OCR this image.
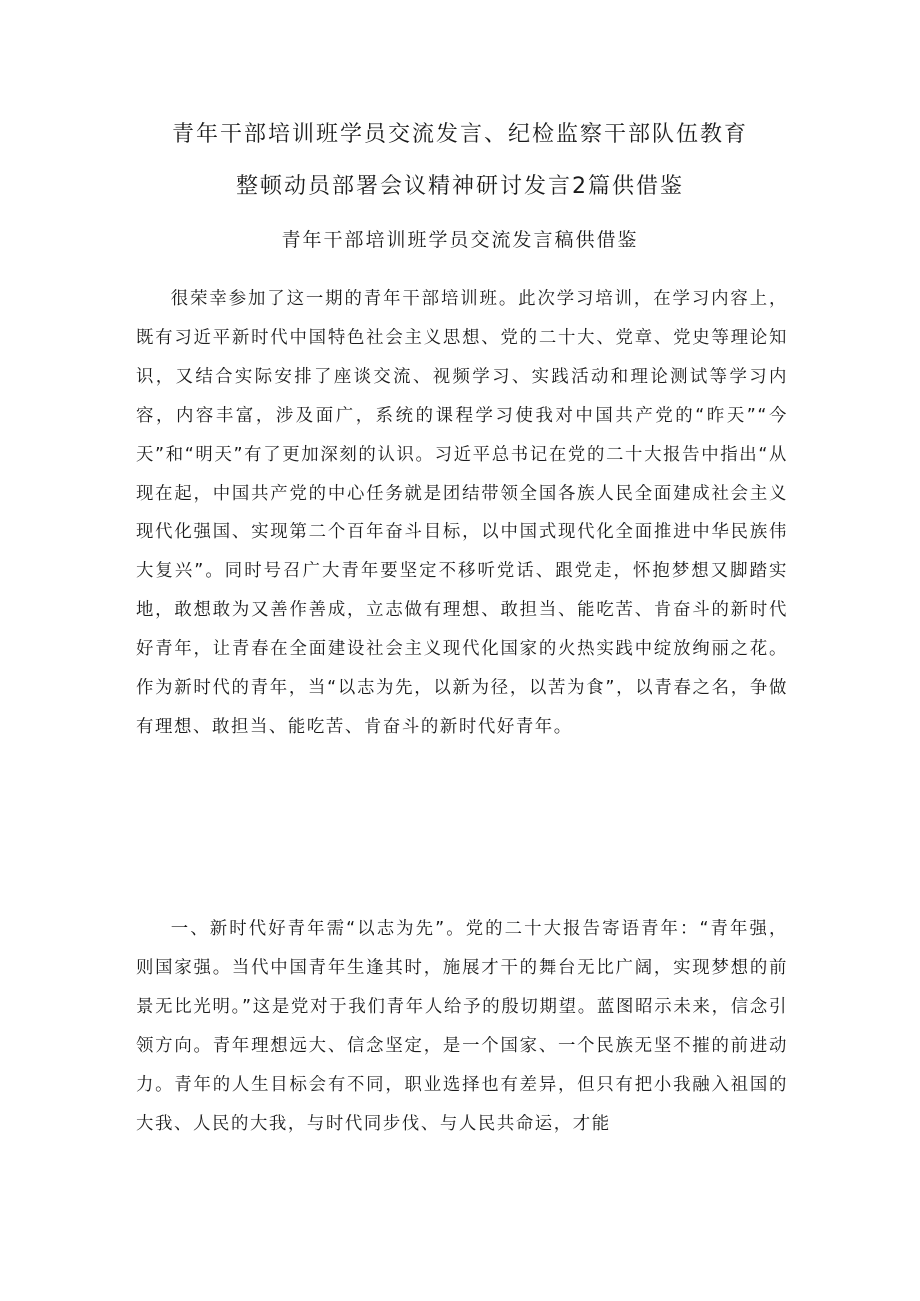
青年干部培训班学员交流发言、纪检监察干部队伍教育
整顿动员部署会议精神研讨发言2篇供借鉴
青年干部培训班学员交流发言稿供借鉴

很荣幸参加了这一期的青年干部培训班。此次学习培训，在学习内容上，既有习近平新时代中国特色社会主义思想、党的二十大、党章、党史等理论知识，又结合实际安排了座谈交流、视频学习、实践活动和理论测试等学习内容，内容丰富，涉及面广，系统的课程学习使我对中国共产党的“昨天”“今天”和“明天”有了更加深刻的认识。习近平总书记在党的二十大报告中指出“从现在起，中国共产党的中心任务就是团结带领全国各族人民全面建成社会主义现代化强国、实现第二个百年奋斗目标，以中国式现代化全面推进中华民族伟大复兴”。同时号召广大青年要坚定不移听党话、跟党走，怀抱梦想又脚踏实地，敢想敢为又善作善成，立志做有理想、敢担当、能吃苦、肯奋斗的新时代好青年，让青春在全面建设社会主义现代化国家的火热实践中绽放绚丽之花。作为新时代的青年，当“以志为先，以新为径，以苦为食”，以青春之名，争做有理想、敢担当、能吃苦、肯奋斗的新时代好青年。

一、新时代好青年需“以志为先”。党的二十大报告寄语青年：“青年强，则国家强。当代中国青年生逢其时，施展才干的舞台无比广阔，实现梦想的前景无比光明。”这是党对于我们青年人给予的殷切期望。蓝图昭示未来，信念引领方向。青年理想远大、信念坚定，是一个国家、一个民族无坚不摧的前进动力。青年的人生目标会有不同，职业选择也有差异，但只有把小我融入祖国的大我、人民的大我，与时代同步伐、与人民共命运，才能
